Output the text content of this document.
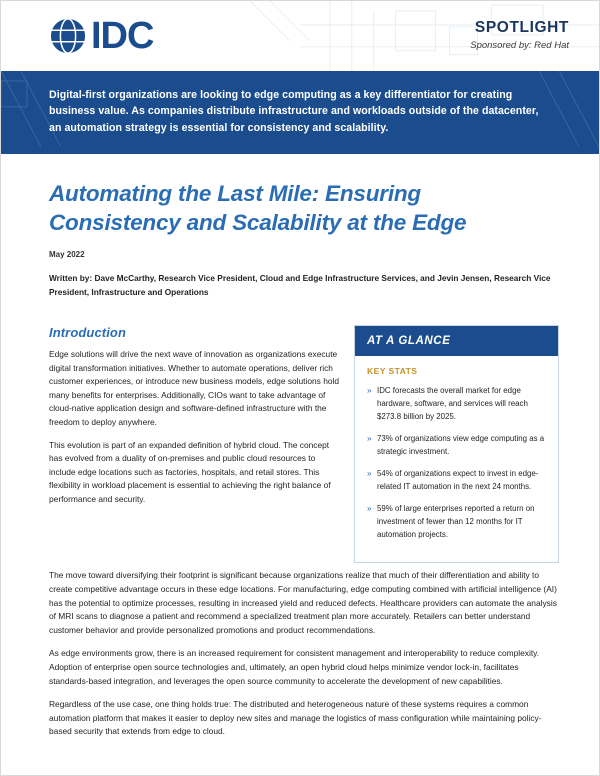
IDC	SPOTLIGHT
Sponsored by: Red Hat
Digital-first organizations are looking to edge computing as a key differentiator for creating business value. As companies distribute infrastructure and workloads outside of the datacenter, an automation strategy is essential for consistency and scalability.
Automating the Last Mile: Ensuring Consistency and Scalability at the Edge
May 2022
Written by: Dave McCarthy, Research Vice President, Cloud and Edge Infrastructure Services, and Jevin Jensen, Research Vice President, Infrastructure and Operations
Introduction

Edge solutions will drive the next wave of innovation as organizations execute digital transformation initiatives. Whether to automate operations, deliver rich customer experiences, or introduce new business models, edge solutions hold many benefits for enterprises. Additionally, CIOs want to take advantage of cloud-native application design and software-defined infrastructure with the freedom to deploy anywhere.

This evolution is part of an expanded definition of hybrid cloud. The concept has evolved from a duality of on-premises and public cloud resources to include edge locations such as factories, hospitals, and retail stores. This flexibility in workload placement is essential to achieving the right balance of performance and security.

AT A GLANCE
KEY STATS
» IDC forecasts the overall market for edge hardware, software, and services will reach $273.8 billion by 2025.
» 73% of organizations view edge computing as a strategic investment.
» 54% of organizations expect to invest in edge-related IT automation in the next 24 months.
» 59% of large enterprises reported a return on investment of fewer than 12 months for IT automation projects.

The move toward diversifying their footprint is significant because organizations realize that much of their differentiation and ability to create competitive advantage occurs in these edge locations. For manufacturing, edge computing combined with artificial intelligence (AI) has the potential to optimize processes, resulting in increased yield and reduced defects. Healthcare providers can automate the analysis of MRI scans to diagnose a patient and recommend a specialized treatment plan more accurately. Retailers can better understand customer behavior and provide personalized promotions and product recommendations.

As edge environments grow, there is an increased requirement for consistent management and interoperability to reduce complexity. Adoption of enterprise open source technologies and, ultimately, an open hybrid cloud helps minimize vendor lock-in, facilitates standards-based integration, and leverages the open source community to accelerate the development of new capabilities.

Regardless of the use case, one thing holds true: The distributed and heterogeneous nature of these systems requires a common automation platform that makes it easier to deploy new sites and manage the logistics of mass configuration while maintaining policy-based security that extends from edge to cloud.
